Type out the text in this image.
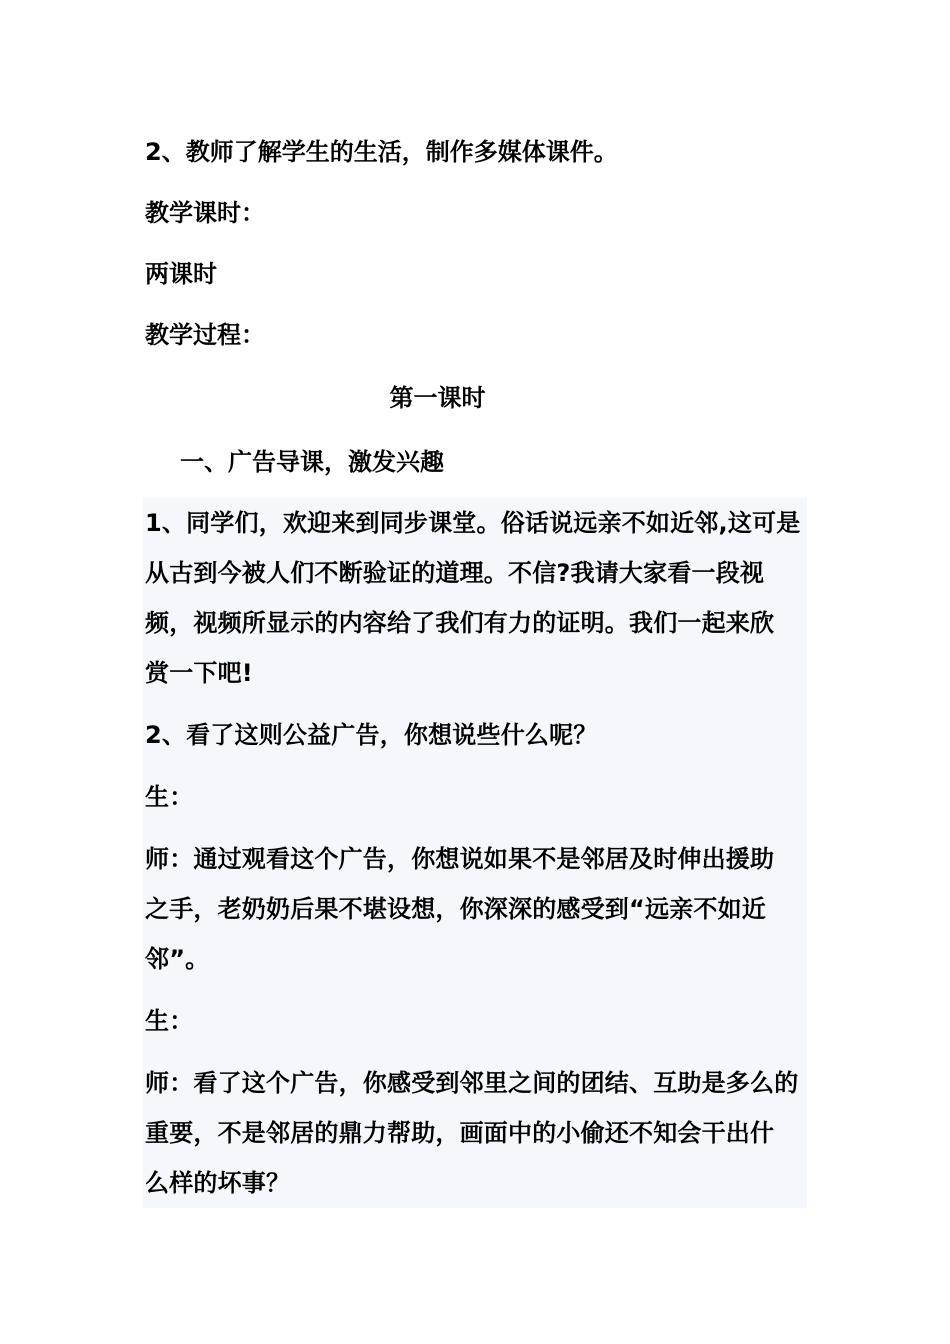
2、教师了解学生的生活，制作多媒体课件。
教学课时：
两课时
教学过程：
第一课时
一、广告导课，激发兴趣
1、同学们，欢迎来到同步课堂。俗话说远亲不如近邻,这可是
从古到今被人们不断验证的道理。不信?我请大家看一段视
频，视频所显示的内容给了我们有力的证明。我们一起来欣
赏一下吧!
2、看了这则公益广告，你想说些什么呢？
生：
师：通过观看这个广告，你想说如果不是邻居及时伸出援助
之手，老奶奶后果不堪设想，你深深的感受到“远亲不如近
邻”。
生：
师：看了这个广告，你感受到邻里之间的团结、互助是多么的
重要，不是邻居的鼎力帮助，画面中的小偷还不知会干出什
么样的坏事？
